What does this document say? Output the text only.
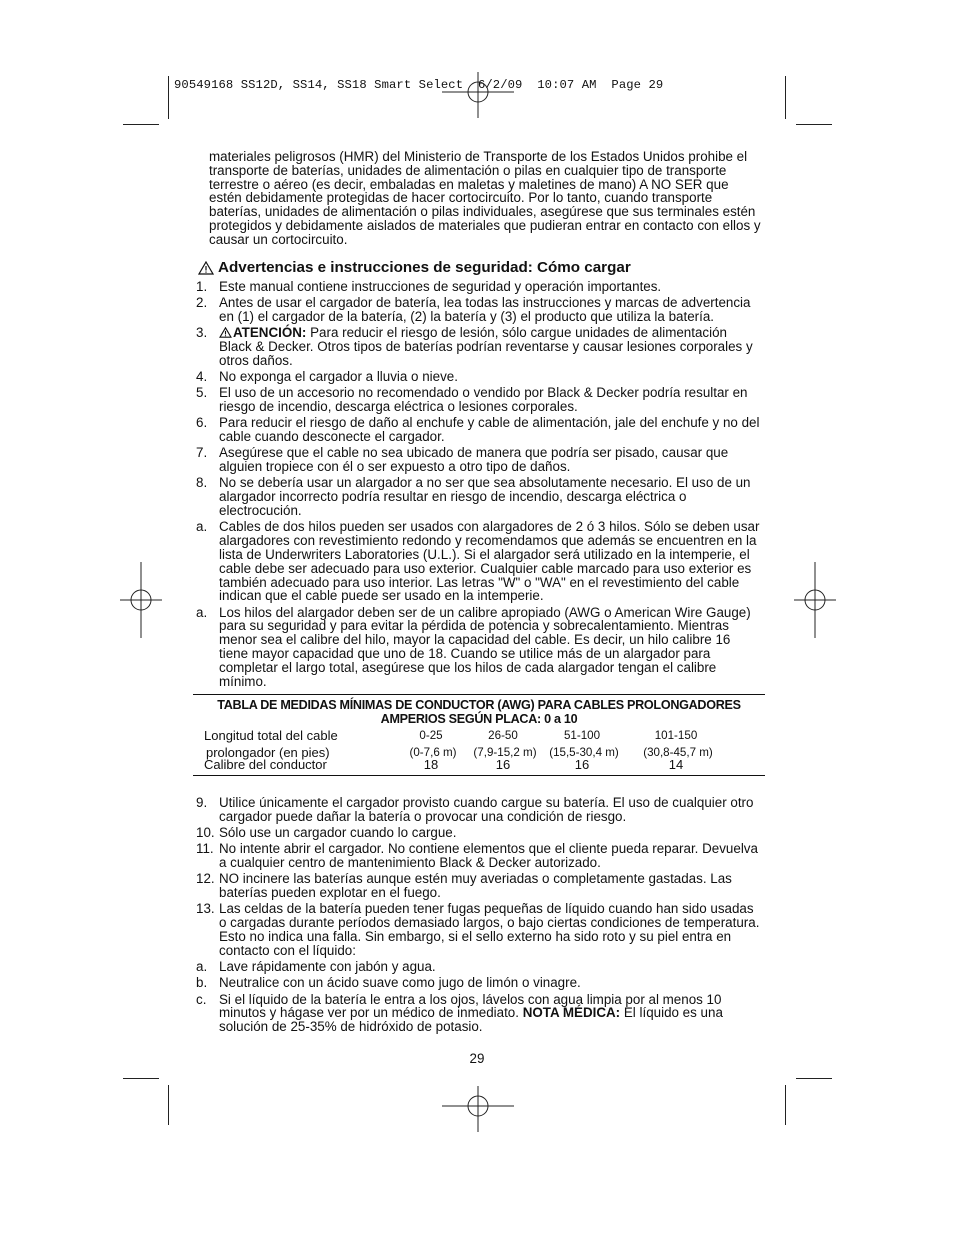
90549168 SS12D, SS14, SS18 Smart Select  6/2/09  10:07 AM  Page 29

materiales peligrosos (HMR) del Ministerio de Transporte de los Estados Unidos prohibe el transporte de baterías, unidades de alimentación o pilas en cualquier tipo de transporte terrestre o aéreo (es decir, embaladas en maletas y maletines de mano) A NO SER que estén debidamente protegidas de hacer cortocircuito. Por lo tanto, cuando transporte baterías, unidades de alimentación o pilas individuales, asegúrese que sus terminales estén protegidos y debidamente aislados de materiales que pudieran entrar en contacto con ellos y causar un cortocircuito.

Advertencias e instrucciones de seguridad: Cómo cargar
1. Este manual contiene instrucciones de seguridad y operación importantes.
2. Antes de usar el cargador de batería, lea todas las instrucciones y marcas de advertencia en (1) el cargador de la batería, (2) la batería y (3) el producto que utiliza la batería.
3.	ATENCIÓN: Para reducir el riesgo de lesión, sólo cargue unidades de alimentación Black & Decker. Otros tipos de baterías podrían reventarse y causar lesiones corporales y otros daños.
4. No exponga el cargador a lluvia o nieve.
5. El uso de un accesorio no recomendado o vendido por Black & Decker podría resultar en riesgo de incendio, descarga eléctrica o lesiones corporales.
6. Para reducir el riesgo de daño al enchufe y cable de alimentación, jale del enchufe y no del cable cuando desconecte el cargador.
7. Asegúrese que el cable no sea ubicado de manera que podría ser pisado, causar que alguien tropiece con él o ser expuesto a otro tipo de daños.
8. No se debería usar un alargador a no ser que sea absolutamente necesario. El uso de un alargador incorrecto podría resultar en riesgo de incendio, descarga eléctrica o electrocución.
a. Cables de dos hilos pueden ser usados con alargadores de 2 ó 3 hilos. Sólo se deben usar alargadores con revestimiento redondo y recomendamos que además se encuentren en la lista de Underwriters Laboratories (U.L.). Si el alargador será utilizado en la intemperie, el cable debe ser adecuado para uso exterior. Cualquier cable marcado para uso exterior es también adecuado para uso interior. Las letras "W" o "WA" en el revestimiento del cable indican que el cable puede ser usado en la intemperie.
a. Los hilos del alargador deben ser de un calibre apropiado (AWG o American Wire Gauge) para su seguridad y para evitar la pérdida de potencia y sobrecalentamiento. Mientras menor sea el calibre del hilo, mayor la capacidad del cable. Es decir, un hilo calibre 16 tiene mayor capacidad que uno de 18. Cuando se utilice más de un alargador para completar el largo total, asegúrese que los hilos de cada alargador tengan el calibre mínimo.
TABLA DE MEDIDAS MÍNIMAS DE CONDUCTOR (AWG) PARA CABLES PROLONGADORES
AMPERIOS SEGÚN PLACA: 0 a 10
Longitud total del cable	0-25	26-50	51-100	101-150
prolongador (en pies)	(0-7,6 m)	(7,9-15,2 m)	(15,5-30,4 m)	(30,8-45,7 m)
Calibre del conductor	18	16	16	14
9. Utilice únicamente el cargador provisto cuando cargue su batería. El uso de cualquier otro cargador puede dañar la batería o provocar una condición de riesgo.
10. Sólo use un cargador cuando lo cargue.
11. No intente abrir el cargador. No contiene elementos que el cliente pueda reparar. Devuelva a cualquier centro de mantenimiento Black & Decker autorizado.
12. NO incinere las baterías aunque estén muy averiadas o completamente gastadas. Las baterías pueden explotar en el fuego.
13. Las celdas de la batería pueden tener fugas pequeñas de líquido cuando han sido usadas o cargadas durante períodos demasiado largos, o bajo ciertas condiciones de temperatura. Esto no indica una falla. Sin embargo, si el sello externo ha sido roto y su piel entra en contacto con el líquido:
a. Lave rápidamente con jabón y agua.
b. Neutralice con un ácido suave como jugo de limón o vinagre.
c. Si el líquido de la batería le entra a los ojos, lávelos con agua limpia por al menos 10 minutos y hágase ver por un médico de inmediato. NOTA MÉDICA: El líquido es una solución de 25-35% de hidróxido de potasio.
29
